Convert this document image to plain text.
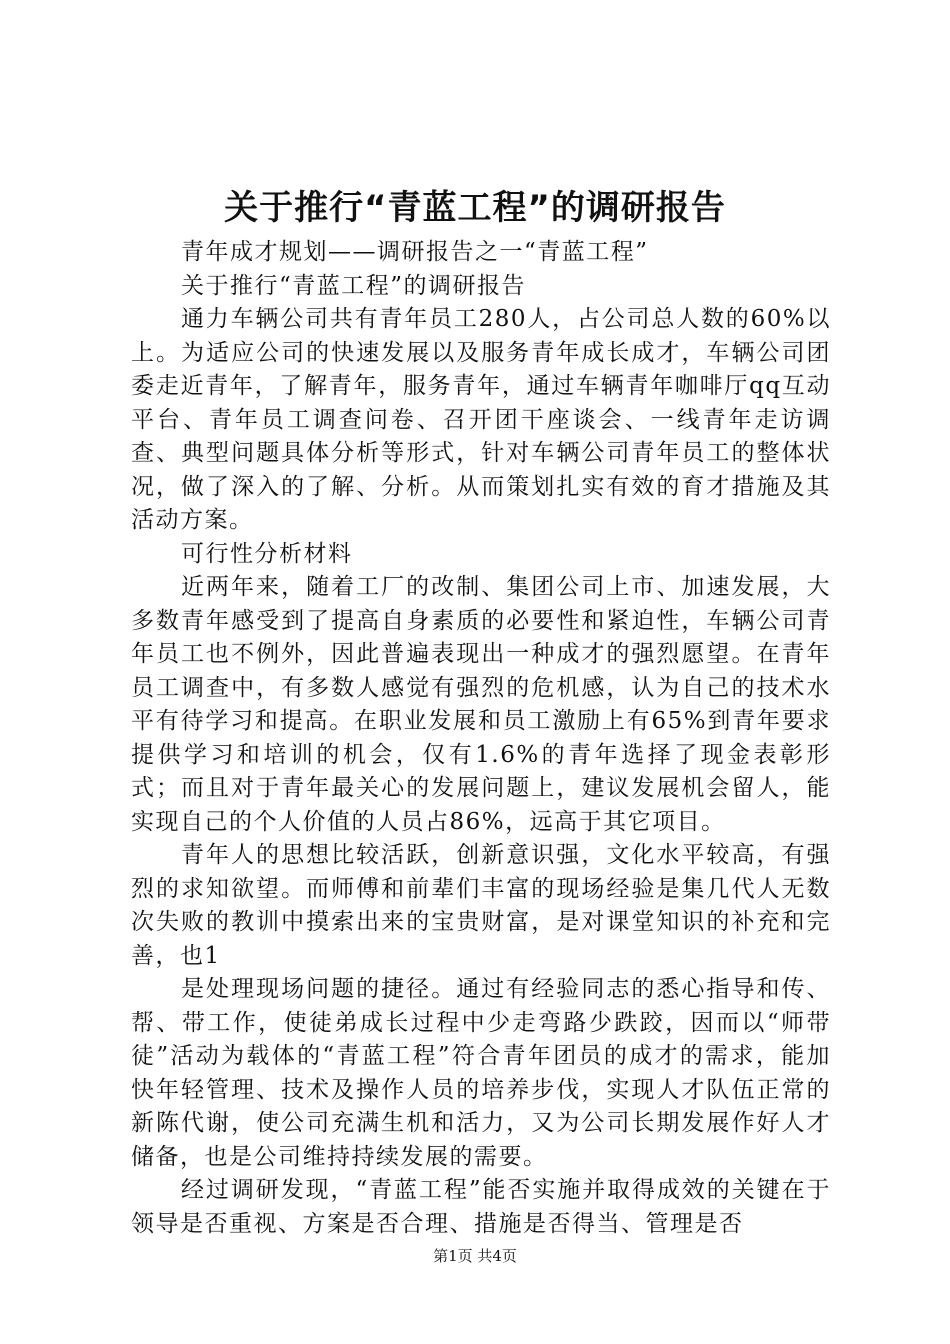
关于推行“青蓝工程”的调研报告

青年成才规划——调研报告之一“青蓝工程”

关于推行“青蓝工程”的调研报告

通力车辆公司共有青年员工280人，占公司总人数的60%以上。为适应公司的快速发展以及服务青年成长成才，车辆公司团委走近青年，了解青年，服务青年，通过车辆青年咖啡厅qq互动平台、青年员工调查问卷、召开团干座谈会、一线青年走访调查、典型问题具体分析等形式，针对车辆公司青年员工的整体状况，做了深入的了解、分析。从而策划扎实有效的育才措施及其活动方案。

可行性分析材料

近两年来，随着工厂的改制、集团公司上市、加速发展，大多数青年感受到了提高自身素质的必要性和紧迫性，车辆公司青年员工也不例外，因此普遍表现出一种成才的强烈愿望。在青年员工调查中，有多数人感觉有强烈的危机感，认为自己的技术水平有待学习和提高。在职业发展和员工激励上有65%到青年要求提供学习和培训的机会，仅有1.6%的青年选择了现金表彰形式；而且对于青年最关心的发展问题上，建议发展机会留人，能实现自己的个人价值的人员占86%，远高于其它项目。

青年人的思想比较活跃，创新意识强，文化水平较高，有强烈的求知欲望。而师傅和前辈们丰富的现场经验是集几代人无数次失败的教训中摸索出来的宝贵财富，是对课堂知识的补充和完善，也1

是处理现场问题的捷径。通过有经验同志的悉心指导和传、帮、带工作，使徒弟成长过程中少走弯路少跌跤，因而以“师带徒”活动为载体的“青蓝工程”符合青年团员的成才的需求，能加快年轻管理、技术及操作人员的培养步伐，实现人才队伍正常的新陈代谢，使公司充满生机和活力，又为公司长期发展作好人才储备，也是公司维持持续发展的需要。

经过调研发现，“青蓝工程”能否实施并取得成效的关键在于领导是否重视、方案是否合理、措施是否得当、管理是否

第1页 共4页
